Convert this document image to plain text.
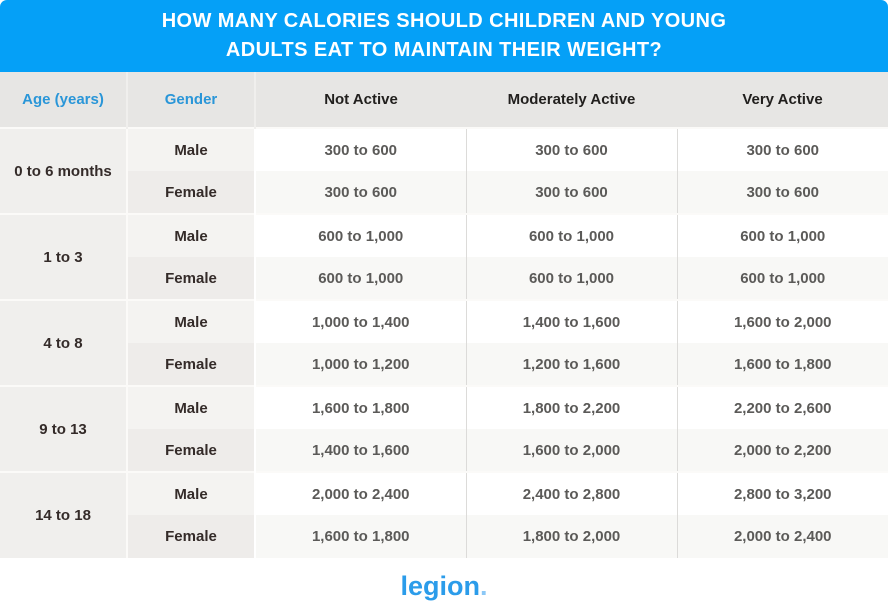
HOW MANY CALORIES SHOULD CHILDREN AND YOUNG
ADULTS EAT TO MAINTAIN THEIR WEIGHT?
Age (years)	Gender	Not Active	Moderately Active	Very Active
0 to 6 months	Male	300 to 600	300 to 600	300 to 600
	Female	300 to 600	300 to 600	300 to 600
1 to 3	Male	600 to 1,000	600 to 1,000	600 to 1,000
	Female	600 to 1,000	600 to 1,000	600 to 1,000
4 to 8	Male	1,000 to 1,400	1,400 to 1,600	1,600 to 2,000
	Female	1,000 to 1,200	1,200 to 1,600	1,600 to 1,800
9 to 13	Male	1,600 to 1,800	1,800 to 2,200	2,200 to 2,600
	Female	1,400 to 1,600	1,600 to 2,000	2,000 to 2,200
14 to 18	Male	2,000 to 2,400	2,400 to 2,800	2,800 to 3,200
	Female	1,600 to 1,800	1,800 to 2,000	2,000 to 2,400
legion.
